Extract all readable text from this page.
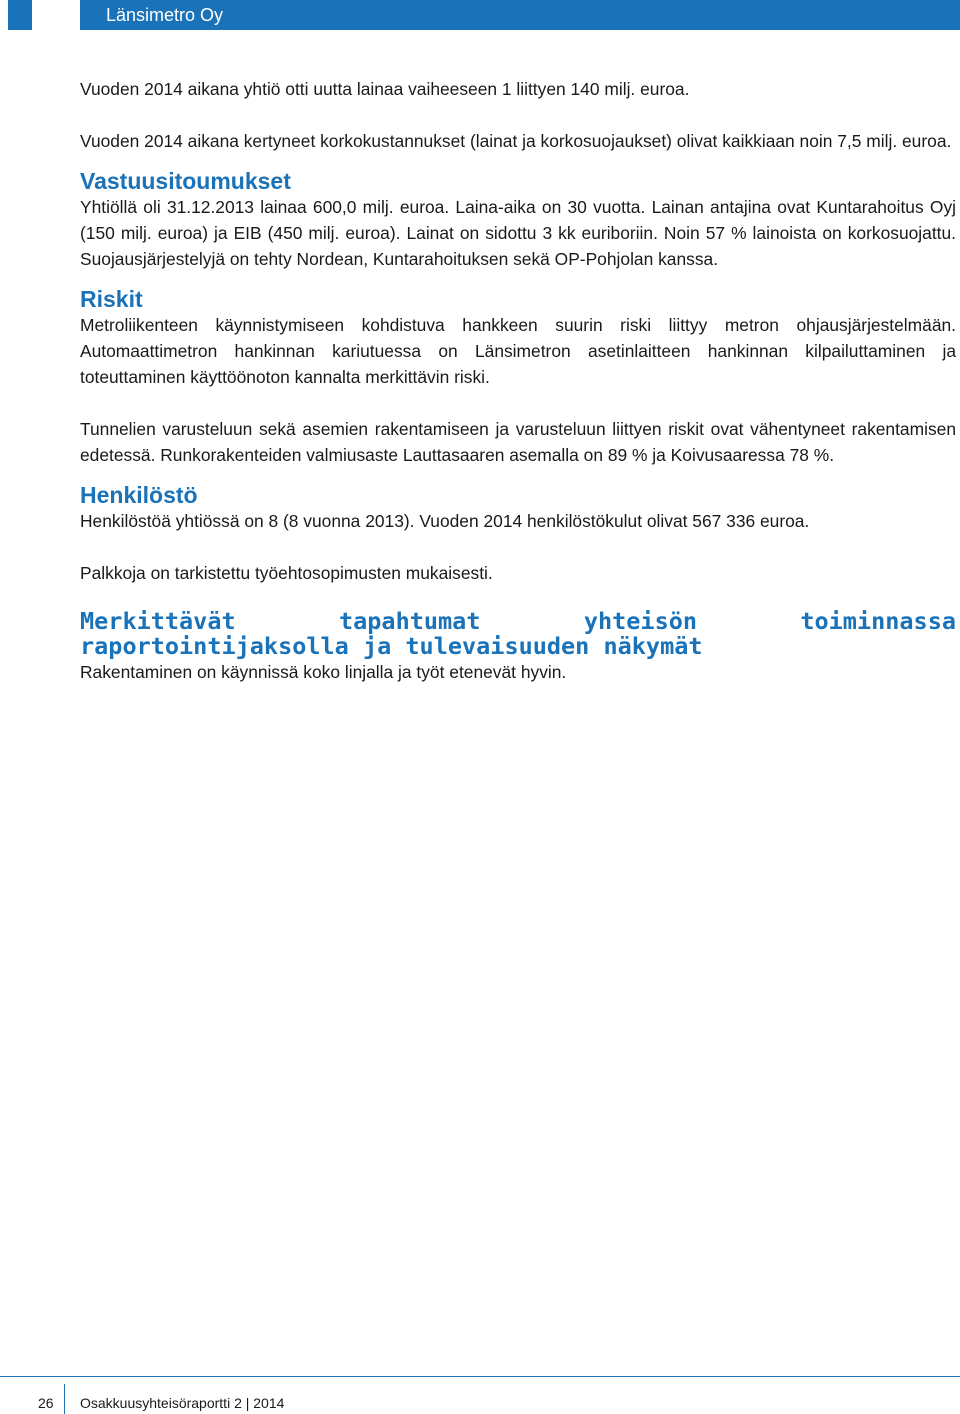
Länsimetro Oy

Vuoden 2014 aikana yhtiö otti uutta lainaa vaiheeseen 1 liittyen 140 milj. euroa.

Vuoden 2014 aikana kertyneet korkokustannukset (lainat ja korkosuojaukset) olivat kaikkiaan noin 7,5 milj. euroa.

Vastuusitoumukset

Yhtiöllä oli 31.12.2013 lainaa 600,0 milj. euroa. Laina-aika on 30 vuotta. Lainan antajina ovat Kuntarahoitus Oyj (150 milj. euroa) ja EIB (450 milj. euroa). Lainat on sidottu 3 kk euriboriin. Noin 57 % lainoista on korkosuojattu. Suojausjärjestelyjä on tehty Nordean, Kuntarahoituksen sekä OP-Pohjolan kanssa.

Riskit

Metroliikenteen käynnistymiseen kohdistuva hankkeen suurin riski liittyy metron ohjausjärjestelmään. Automaattimetron hankinnan kariutuessa on Länsimetron asetinlaitteen hankinnan kilpailuttaminen ja toteuttaminen käyttöönoton kannalta merkittävin riski.

Tunnelien varusteluun sekä asemien rakentamiseen ja varusteluun liittyen riskit ovat vähentyneet rakentamisen edetessä. Runkorakenteiden valmiusaste Lauttasaaren asemalla on 89 % ja Koivusaaressa 78 %.

Henkilöstö

Henkilöstöä yhtiössä on 8 (8 vuonna 2013). Vuoden 2014 henkilöstökulut olivat 567 336 euroa.

Palkkoja on tarkistettu työehtosopimusten mukaisesti.

Merkittävät tapahtumat yhteisön toiminnassa raportointijaksolla ja tulevaisuuden näkymät

Rakentaminen on käynnissä koko linjalla ja työt etenevät hyvin.

26 Osakkuusyhteisöraportti 2 | 2014
